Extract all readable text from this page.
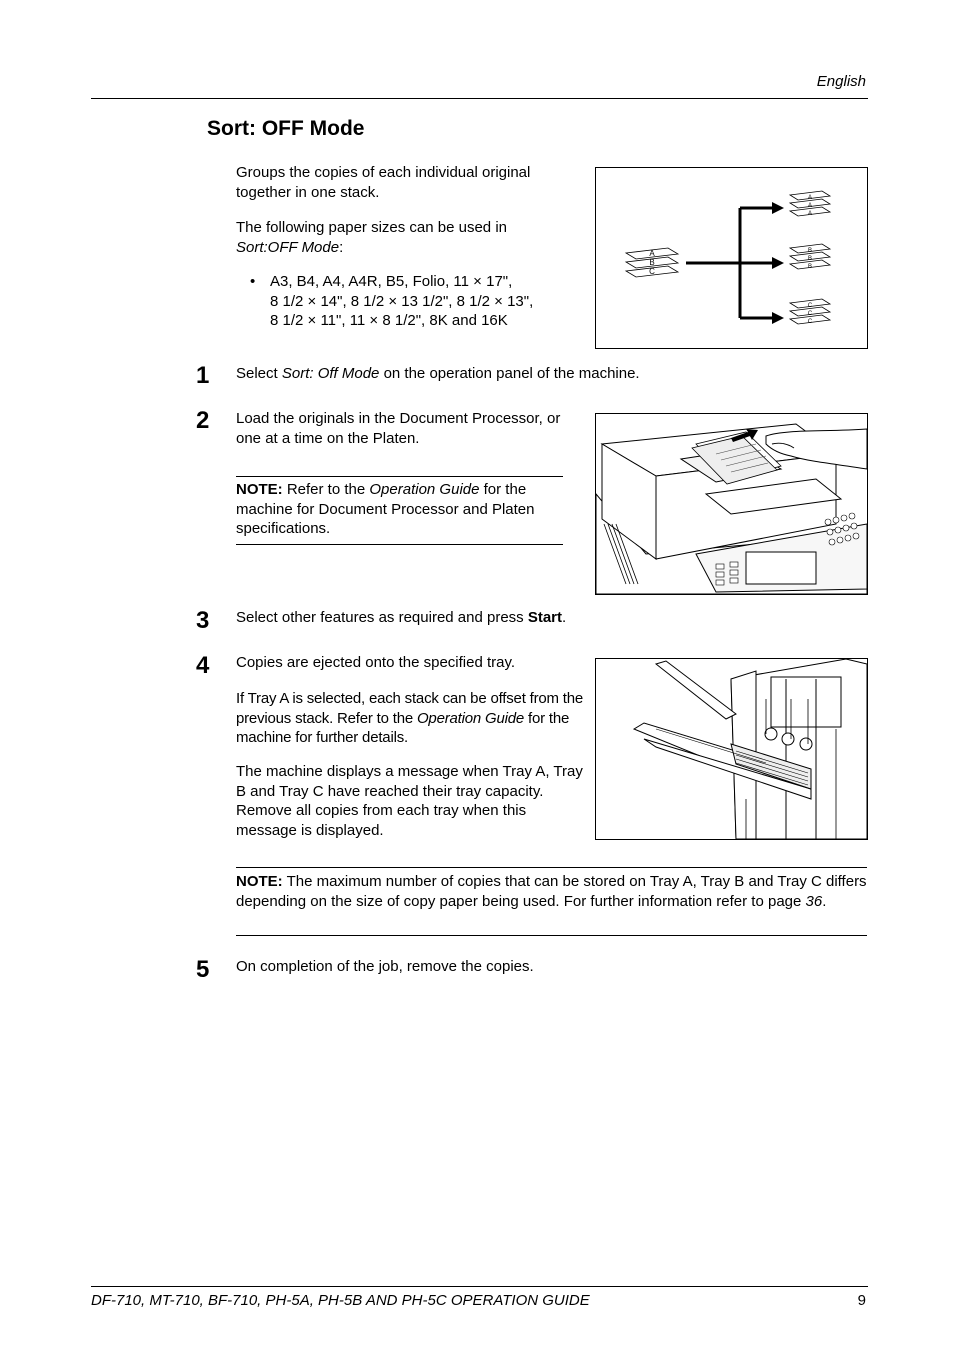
English
Sort: OFF Mode
Groups the copies of each individual original together in one stack.
The following paper sizes can be used in
Sort:OFF Mode:
• A3, B4, A4, A4R, B5, Folio, 11 × 17",
8 1/2 × 14", 8 1/2 × 13 1/2", 8 1/2 × 13",
8 1/2 × 11", 11 × 8 1/2", 8K and 16K
A
B
C
A
A
A
B
B
B
C
C
C
1 Select Sort: Off Mode on the operation panel of the machine.
2 Load the originals in the Document Processor, or one at a time on the Platen.
NOTE: Refer to the Operation Guide for the machine for Document Processor and Platen specifications.
3 Select other features as required and press Start.
4 Copies are ejected onto the specified tray.
If Tray A is selected, each stack can be offset from the previous stack. Refer to the Operation Guide for the machine for further details.
The machine displays a message when Tray A, Tray B and Tray C have reached their tray capacity. Remove all copies from each tray when this message is displayed.
NOTE: The maximum number of copies that can be stored on Tray A, Tray B and Tray C differs depending on the size of copy paper being used. For further information refer to page 36.
5 On completion of the job, remove the copies.
DF-710, MT-710, BF-710, PH-5A, PH-5B AND PH-5C OPERATION GUIDE	9
